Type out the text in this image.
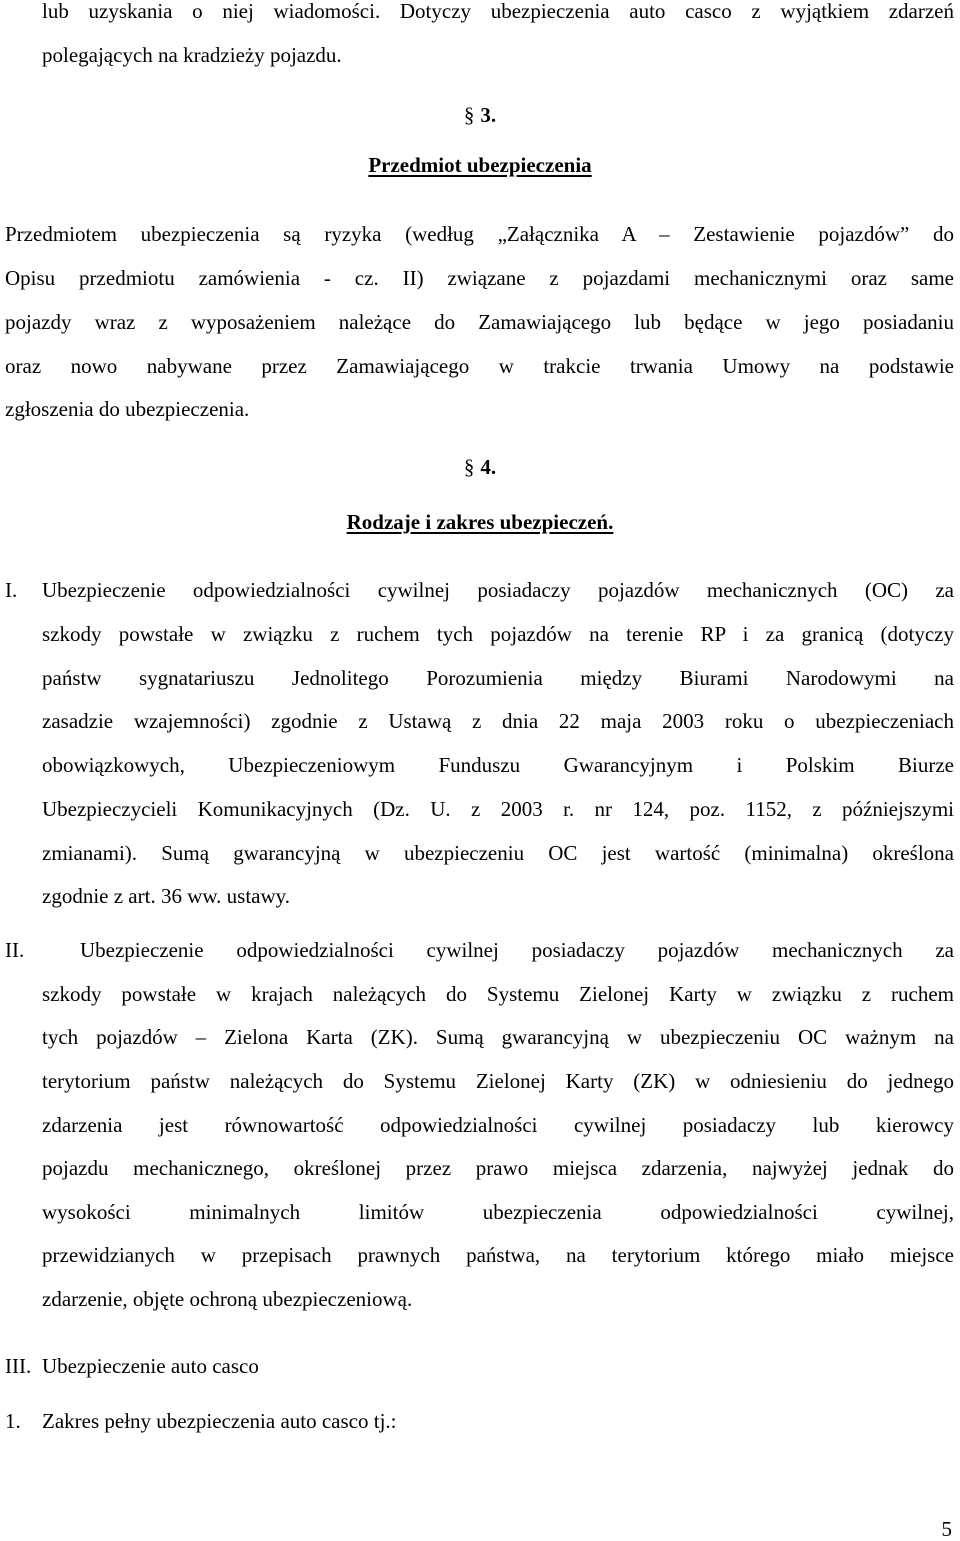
lub uzyskania o niej wiadomości. Dotyczy ubezpieczenia auto casco z wyjątkiem zdarzeń
polegających na kradzieży pojazdu.
§ 3.
Przedmiot ubezpieczenia
Przedmiotem ubezpieczenia są ryzyka (według „Załącznika A – Zestawienie pojazdów” do
Opisu przedmiotu zamówienia - cz. II) związane z pojazdami mechanicznymi oraz same
pojazdy wraz z wyposażeniem należące do Zamawiającego lub będące w jego posiadaniu
oraz nowo nabywane przez Zamawiającego w trakcie trwania Umowy na podstawie
zgłoszenia do ubezpieczenia.
§ 4.
Rodzaje i zakres ubezpieczeń.
I. Ubezpieczenie odpowiedzialności cywilnej posiadaczy pojazdów mechanicznych (OC) za
szkody powstałe w związku z ruchem tych pojazdów na terenie RP i za granicą (dotyczy
państw sygnatariuszu Jednolitego Porozumienia między Biurami Narodowymi na
zasadzie wzajemności) zgodnie z Ustawą z dnia 22 maja 2003 roku o ubezpieczeniach
obowiązkowych, Ubezpieczeniowym Funduszu Gwarancyjnym i Polskim Biurze
Ubezpieczycieli Komunikacyjnych (Dz. U. z 2003 r. nr 124, poz. 1152, z późniejszymi
zmianami). Sumą gwarancyjną w ubezpieczeniu OC jest wartość (minimalna) określona
zgodnie z art. 36 ww. ustawy.
II.	Ubezpieczenie odpowiedzialności cywilnej posiadaczy pojazdów mechanicznych za
szkody powstałe w krajach należących do Systemu Zielonej Karty w związku z ruchem
tych pojazdów – Zielona Karta (ZK). Sumą gwarancyjną w ubezpieczeniu OC ważnym na
terytorium państw należących do Systemu Zielonej Karty (ZK) w odniesieniu do jednego
zdarzenia jest równowartość odpowiedzialności cywilnej posiadaczy lub kierowcy
pojazdu mechanicznego, określonej przez prawo miejsca zdarzenia, najwyżej jednak do
wysokości minimalnych limitów ubezpieczenia odpowiedzialności cywilnej,
przewidzianych w przepisach prawnych państwa, na terytorium którego miało miejsce
zdarzenie, objęte ochroną ubezpieczeniową.
III. Ubezpieczenie auto casco
1. Zakres pełny ubezpieczenia auto casco tj.:
5
